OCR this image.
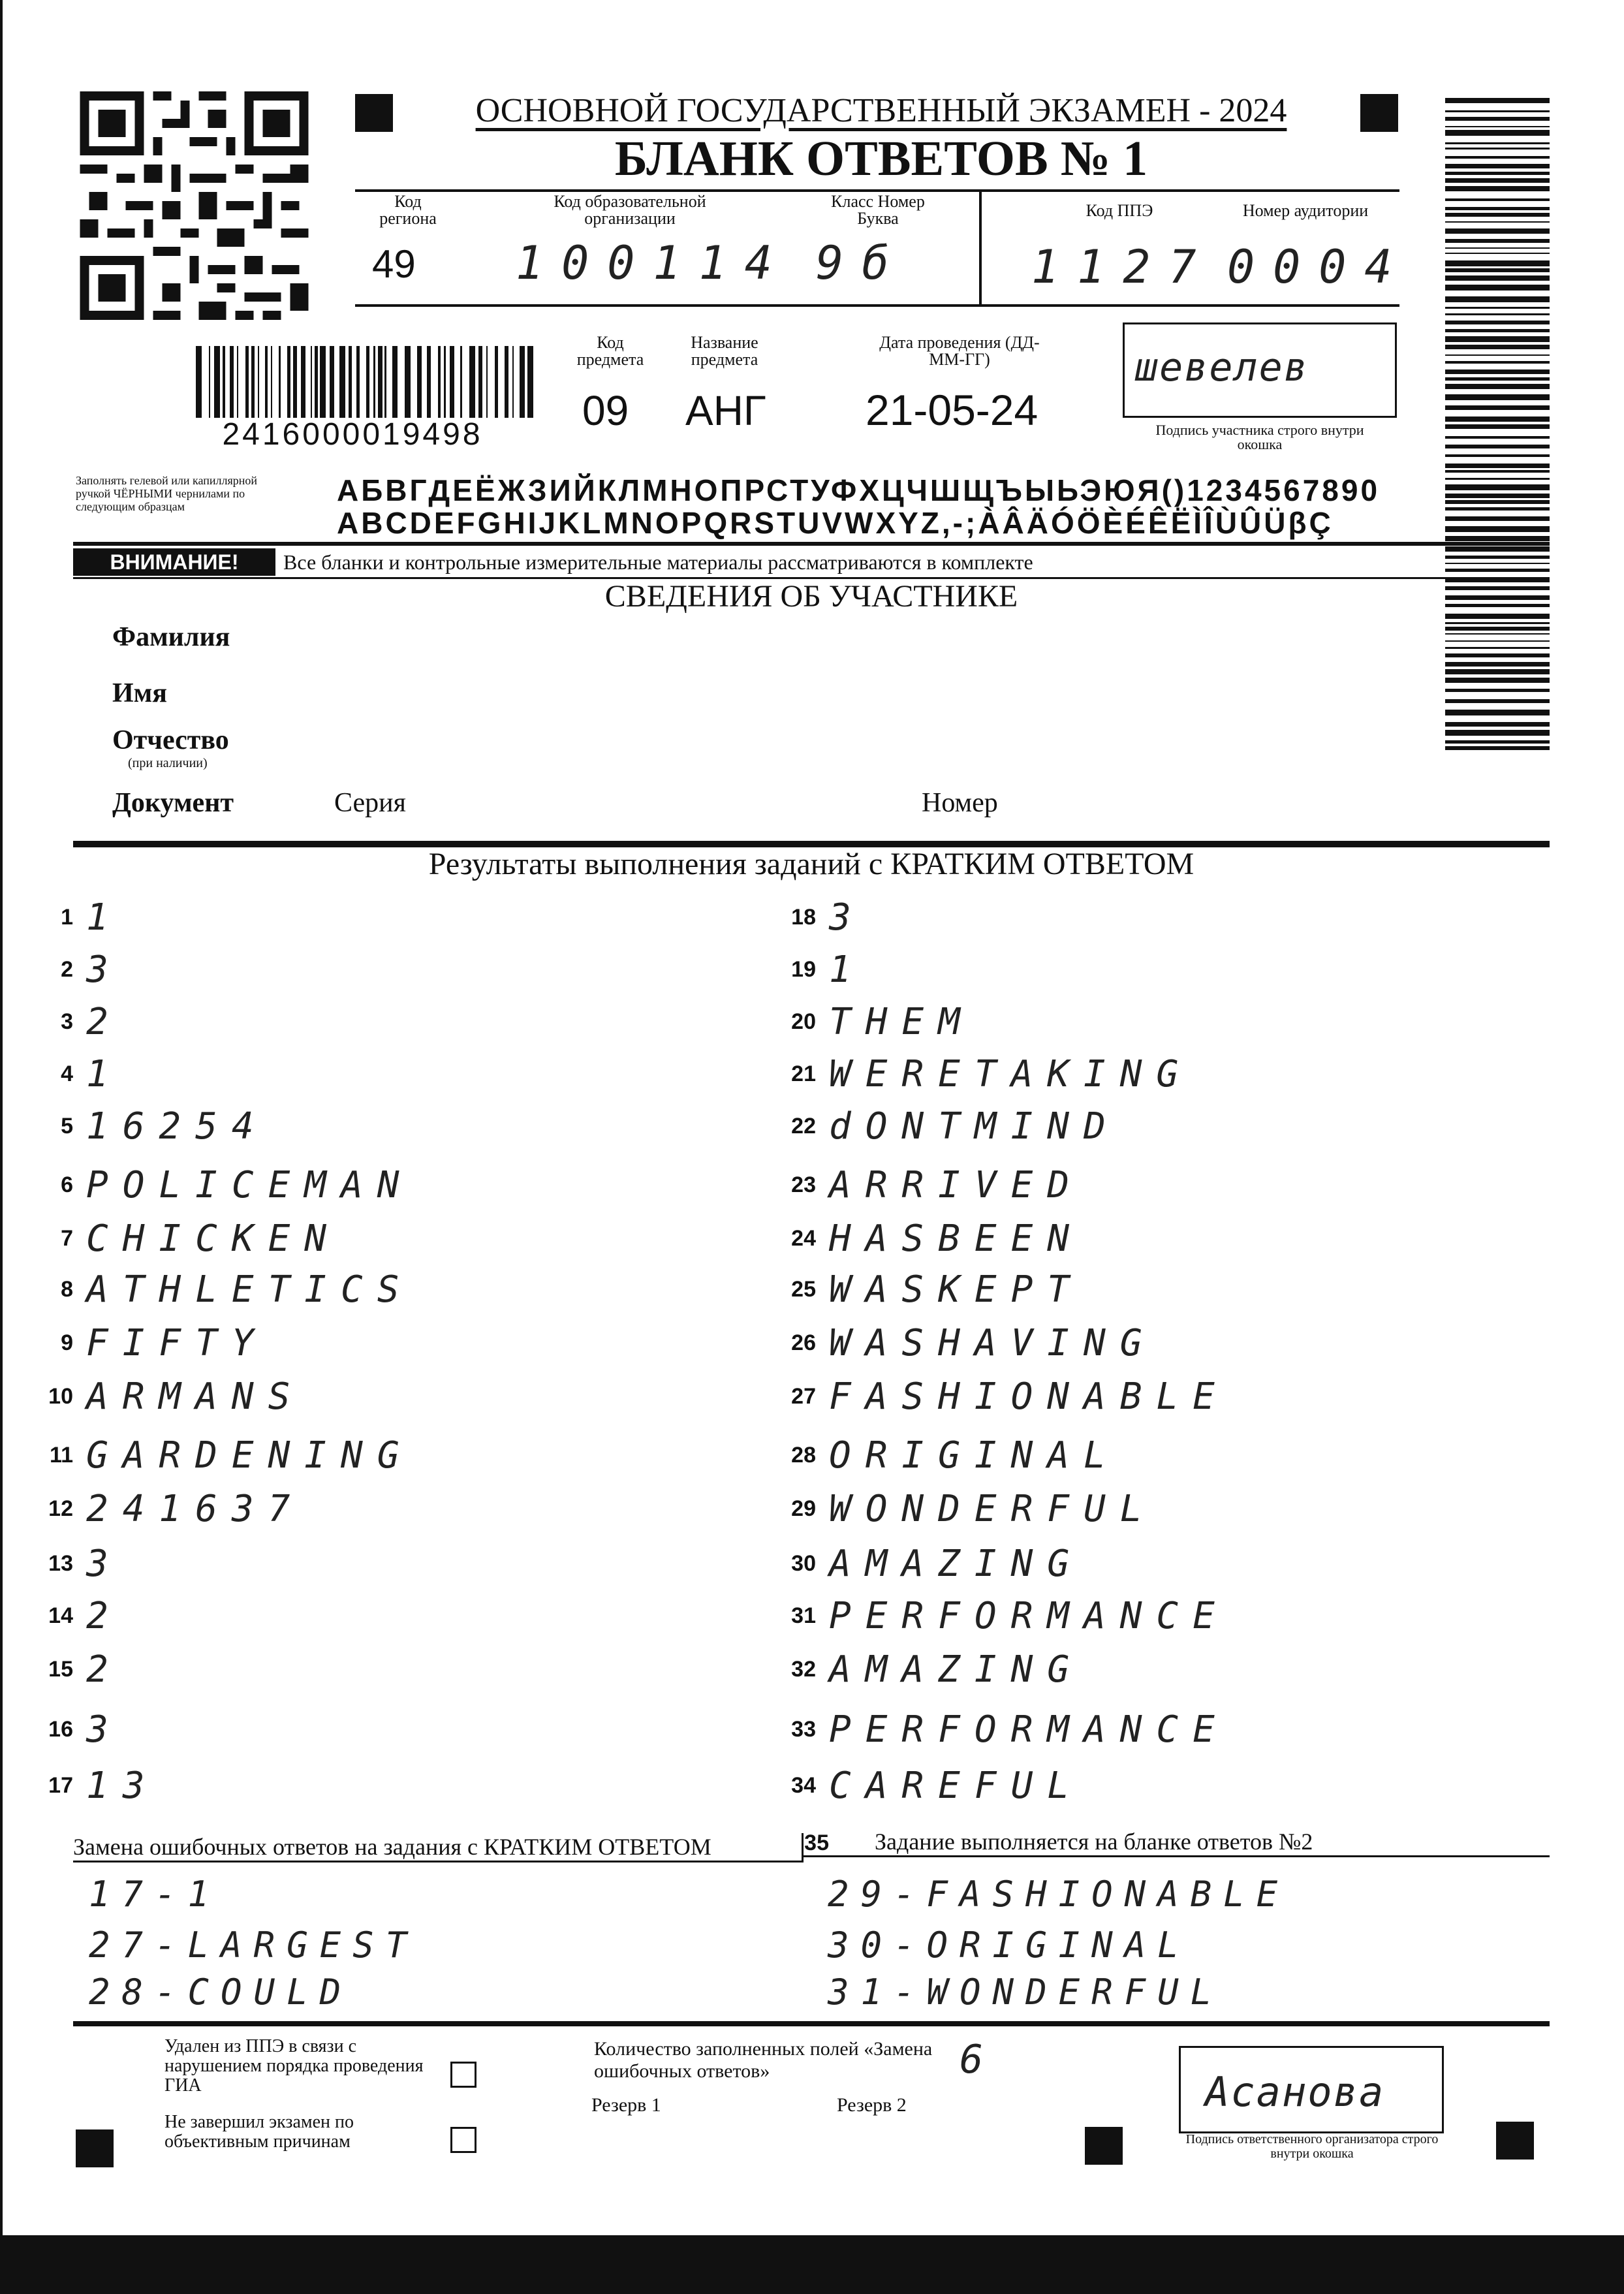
ОСНОВНОЙ ГОСУДАРСТВЕННЫЙ ЭКЗАМЕН - 2024
БЛАНК ОТВЕТОВ № 1
Код региона
49
Код образовательной организации
100114
Класс Номер Буква
9б
Код ППЭ
1127
Номер аудитории
0004
2416000019498
Код предмета
09
Название предмета
АНГ
Дата проведения (ДД-ММ-ГГ)
21-05-24
шевелев
Подпись участника строго внутри окошка
Заполнять гелевой или капиллярной ручкой ЧЁРНЫМИ чернилами по следующим образцам	АБВГДЕЁЖЗИЙКЛМНОПРСТУФХЦЧШЩЪЫЬЭЮЯ()1234567890
ABCDEFGHIJKLMNOPQRSTUVWXYZ,-;ÀÂÄÓÖÈÉÊËÌÎÙÛÜβÇ
ВНИМАНИЕ!	Все бланки и контрольные измерительные материалы рассматриваются в комплекте
СВЕДЕНИЯ ОБ УЧАСТНИКЕ
Фамилия
Имя
Отчество
(при наличии)
Документ	Серия	Номер
Результаты выполнения заданий с КРАТКИМ ОТВЕТОМ
1 1
2 3
3 2
4 1
5 16254
6 POLICEMAN
7 CHICKEN
8 ATHLETICS
9 FIFTY
10 ARMANS
11 GARDENING
12 241637
13 3
14 2
15 2
16 3
17 13
18 3
19 1
20 THEM
21 WERETAKING
22 dONTMIND
23 ARRIVED
24 HASBEEN
25 WASKEPT
26 WASHAVING
27 FASHIONABLE
28 ORIGINAL
29 WONDERFUL
30 AMAZING
31 PERFORMANCE
32 AMAZING
33 PERFORMANCE
34 CAREFUL
Замена ошибочных ответов на задания с КРАТКИМ ОТВЕТОМ	35 Задание выполняется на бланке ответов №2
17-1
27-LARGEST
28-COULD
29-FASHIONABLE
30-ORIGINAL
31-WONDERFUL
Удален из ППЭ в связи с нарушением порядка проведения ГИА
Не завершил экзамен по объективным причинам
Количество заполненных полей «Замена ошибочных ответов»	6
Резерв 1	Резерв 2	Асанова
Подпись ответственного организатора строго внутри окошка
